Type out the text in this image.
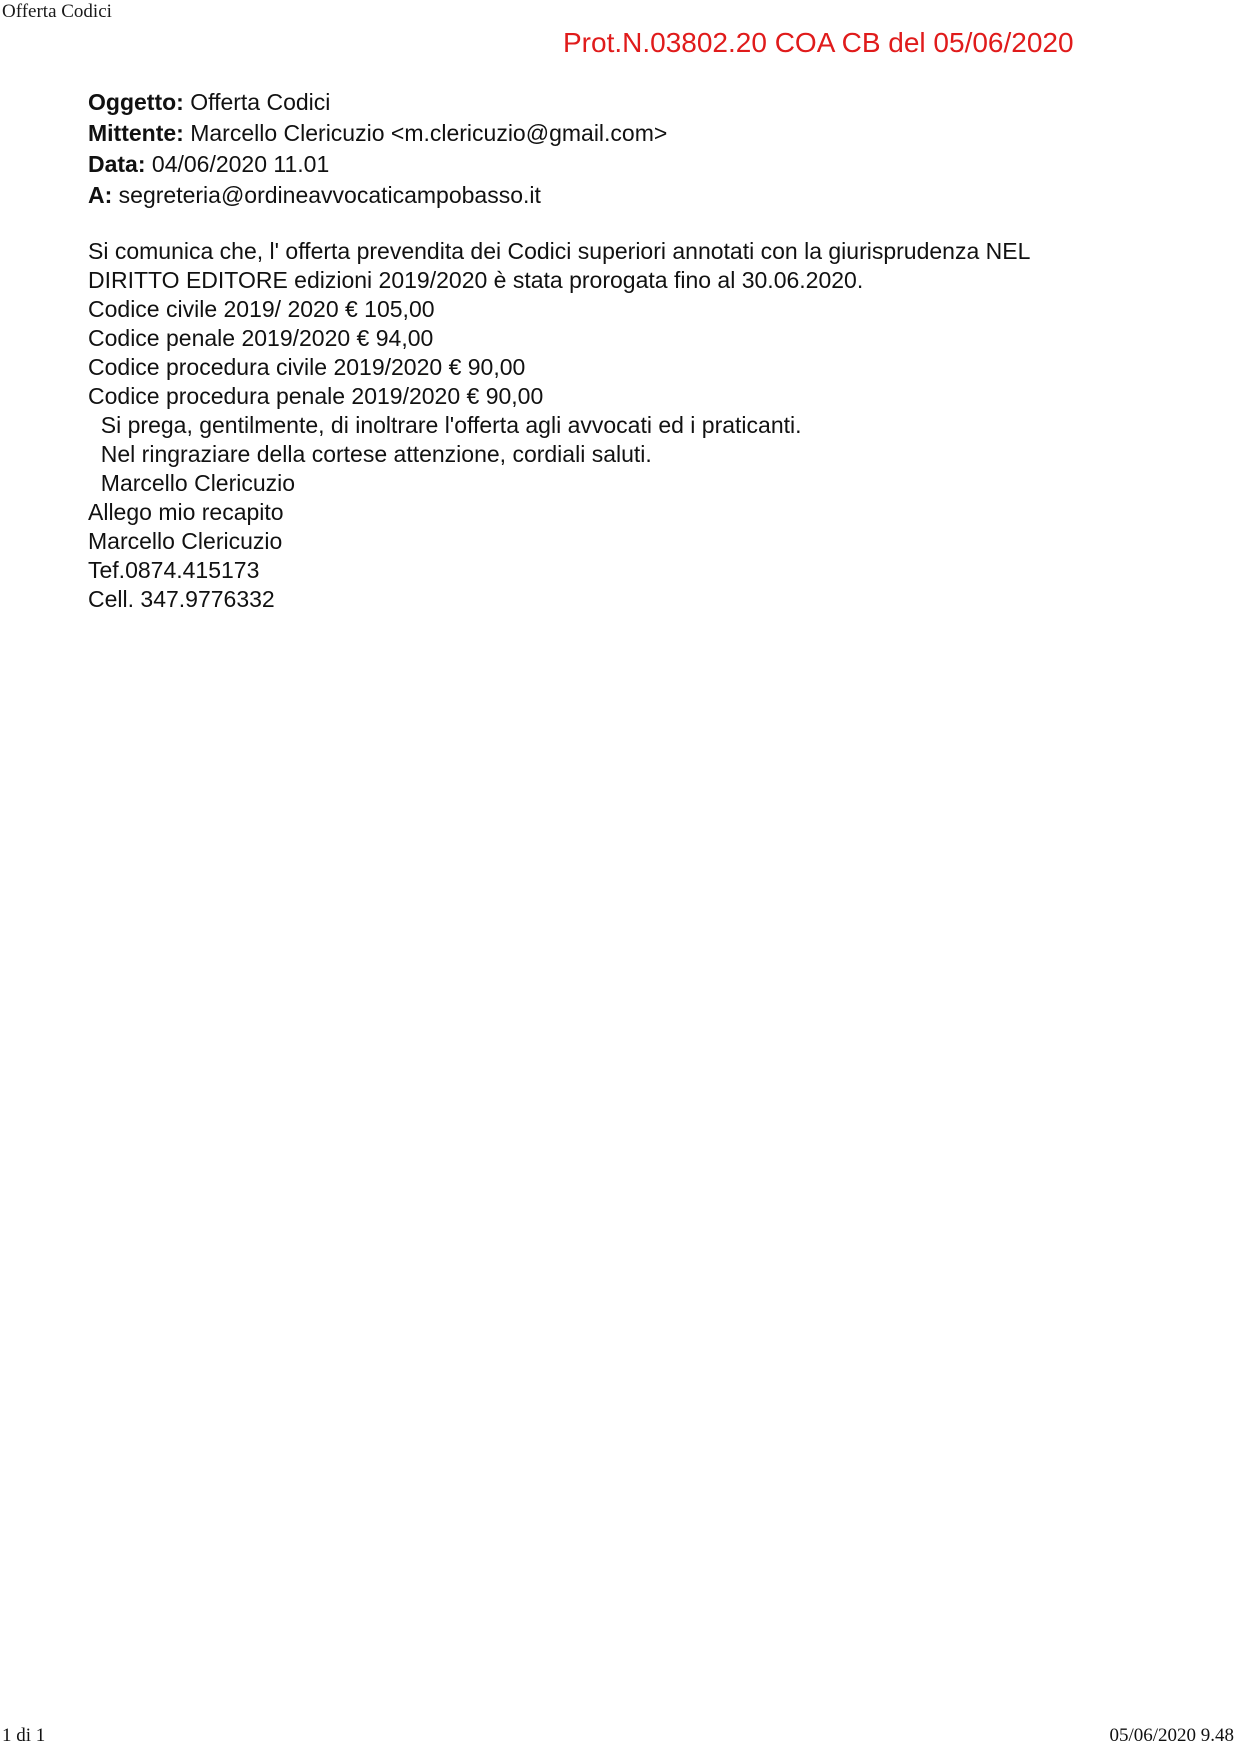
Offerta Codici
Prot.N.03802.20 COA CB del 05/06/2020
Oggetto: Offerta Codici
Mittente: Marcello Clericuzio <m.clericuzio@gmail.com>
Data: 04/06/2020 11.01
A: segreteria@ordineavvocaticampobasso.it
Si comunica che, l' offerta prevendita dei Codici superiori annotati con la giurisprudenza NEL
DIRITTO EDITORE edizioni 2019/2020 è stata prorogata fino al 30.06.2020.
Codice civile 2019/ 2020 € 105,00
Codice penale 2019/2020 € 94,00
Codice procedura civile 2019/2020 € 90,00
Codice procedura penale 2019/2020 € 90,00
Si prega, gentilmente, di inoltrare l'offerta agli avvocati ed i praticanti.
Nel ringraziare della cortese attenzione, cordiali saluti.
Marcello Clericuzio
Allego mio recapito
Marcello Clericuzio
Tef.0874.415173
Cell. 347.9776332
1 di 1	05/06/2020 9.48
